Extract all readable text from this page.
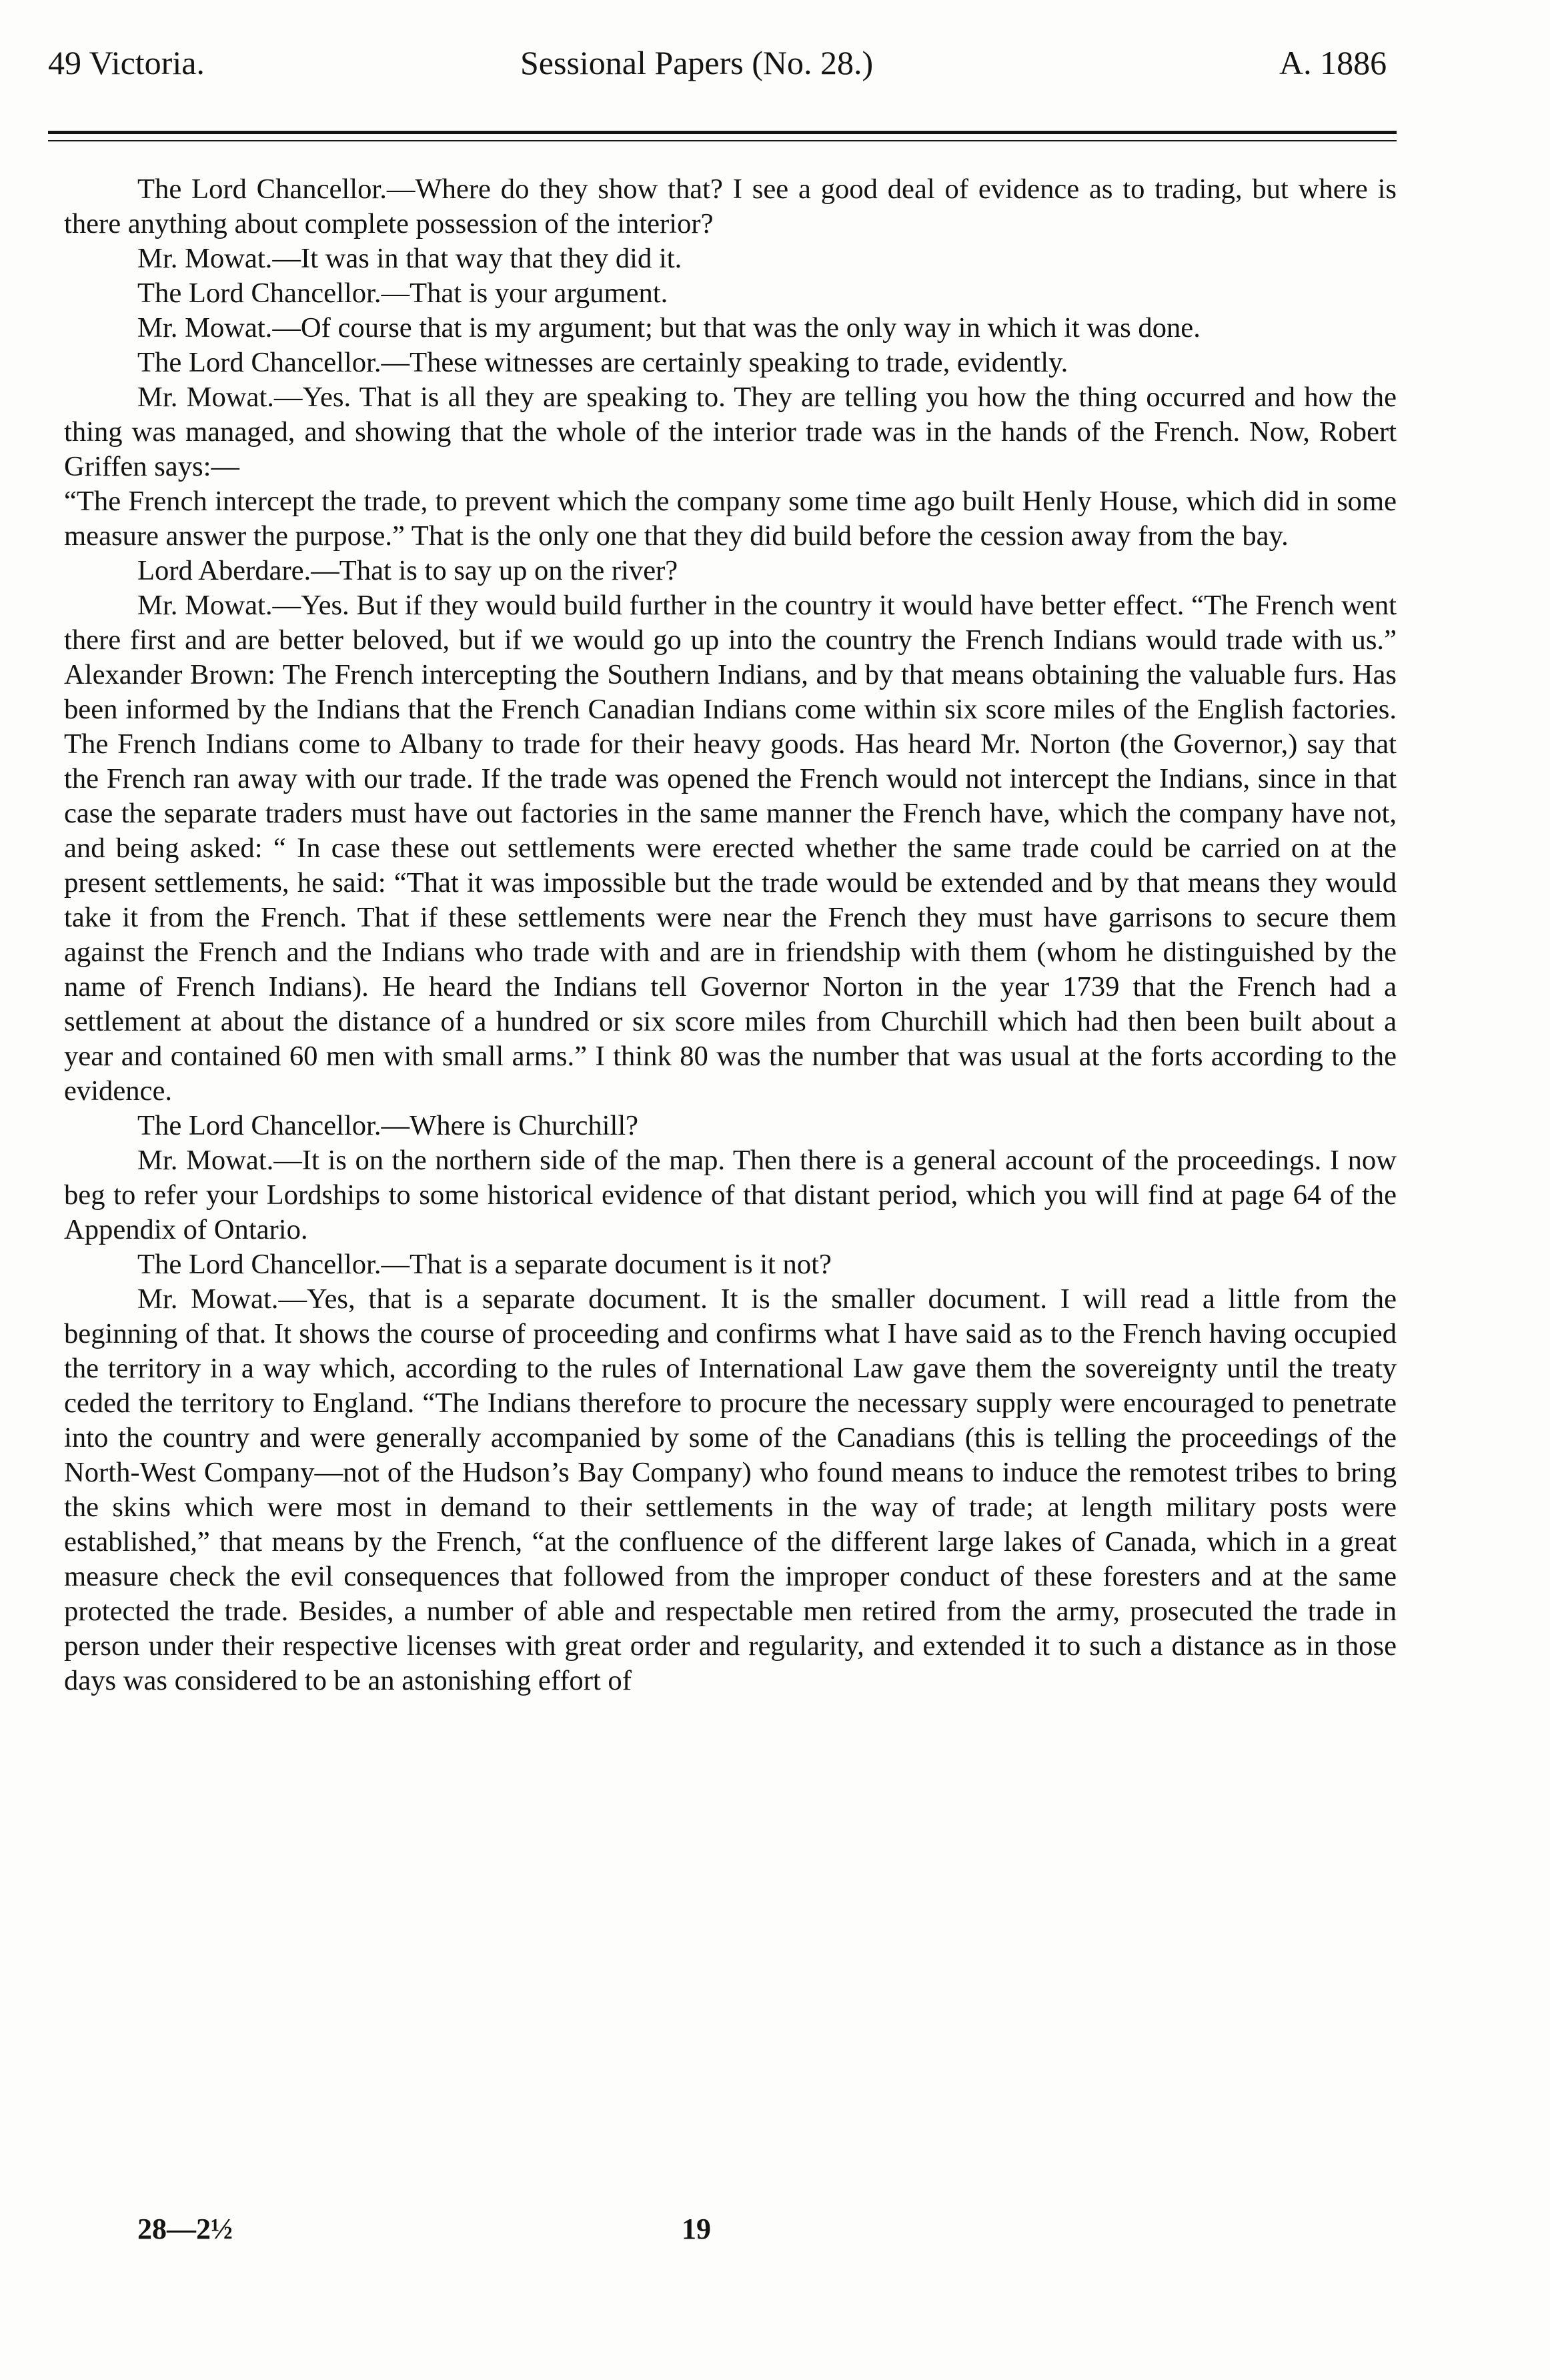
49 Victoria.	Sessional Papers (No. 28.)	A. 1886

The Lord Chancellor.—Where do they show that? I see a good deal of evidence as to trading, but where is there anything about complete possession of the interior?

Mr. Mowat.—It was in that way that they did it.

The Lord Chancellor.—That is your argument.

Mr. Mowat.—Of course that is my argument; but that was the only way in which it was done.

The Lord Chancellor.—These witnesses are certainly speaking to trade, evidently.

Mr. Mowat.—Yes. That is all they are speaking to. They are telling you how the thing occurred and how the thing was managed, and showing that the whole of the interior trade was in the hands of the French. Now, Robert Griffen says:—

“The French intercept the trade, to prevent which the company some time ago built Henly House, which did in some measure answer the purpose.” That is the only one that they did build before the cession away from the bay.

Lord Aberdare.—That is to say up on the river?

Mr. Mowat.—Yes. But if they would build further in the country it would have better effect. “The French went there first and are better beloved, but if we would go up into the country the French Indians would trade with us.” Alexander Brown: The French intercepting the Southern Indians, and by that means obtaining the valuable furs. Has been informed by the Indians that the French Canadian Indians come within six score miles of the English factories. The French Indians come to Albany to trade for their heavy goods. Has heard Mr. Norton (the Governor,) say that the French ran away with our trade. If the trade was opened the French would not intercept the Indians, since in that case the separate traders must have out factories in the same manner the French have, which the company have not, and being asked: “ In case these out settlements were erected whether the same trade could be carried on at the present settlements, he said: “That it was impossible but the trade would be extended and by that means they would take it from the French. That if these settlements were near the French they must have garrisons to secure them against the French and the Indians who trade with and are in friendship with them (whom he distinguished by the name of French Indians). He heard the Indians tell Governor Norton in the year 1739 that the French had a settlement at about the distance of a hundred or six score miles from Churchill which had then been built about a year and contained 60 men with small arms.” I think 80 was the number that was usual at the forts according to the evidence.

The Lord Chancellor.—Where is Churchill?

Mr. Mowat.—It is on the northern side of the map. Then there is a general account of the proceedings. I now beg to refer your Lordships to some historical evidence of that distant period, which you will find at page 64 of the Appendix of Ontario.

The Lord Chancellor.—That is a separate document is it not?

Mr. Mowat.—Yes, that is a separate document. It is the smaller document. I will read a little from the beginning of that. It shows the course of proceeding and confirms what I have said as to the French having occupied the territory in a way which, according to the rules of International Law gave them the sovereignty until the treaty ceded the territory to England. “The Indians therefore to procure the necessary supply were encouraged to penetrate into the country and were generally accompanied by some of the Canadians (this is telling the proceedings of the North-West Company—not of the Hudson’s Bay Company) who found means to induce the remotest tribes to bring the skins which were most in demand to their settlements in the way of trade; at length military posts were established,” that means by the French, “at the confluence of the different large lakes of Canada, which in a great measure check the evil consequences that followed from the improper conduct of these foresters and at the same protected the trade. Besides, a number of able and respectable men retired from the army, prosecuted the trade in person under their respective licenses with great order and regularity, and extended it to such a distance as in those days was considered to be an astonishing effort of

28—2½	19
